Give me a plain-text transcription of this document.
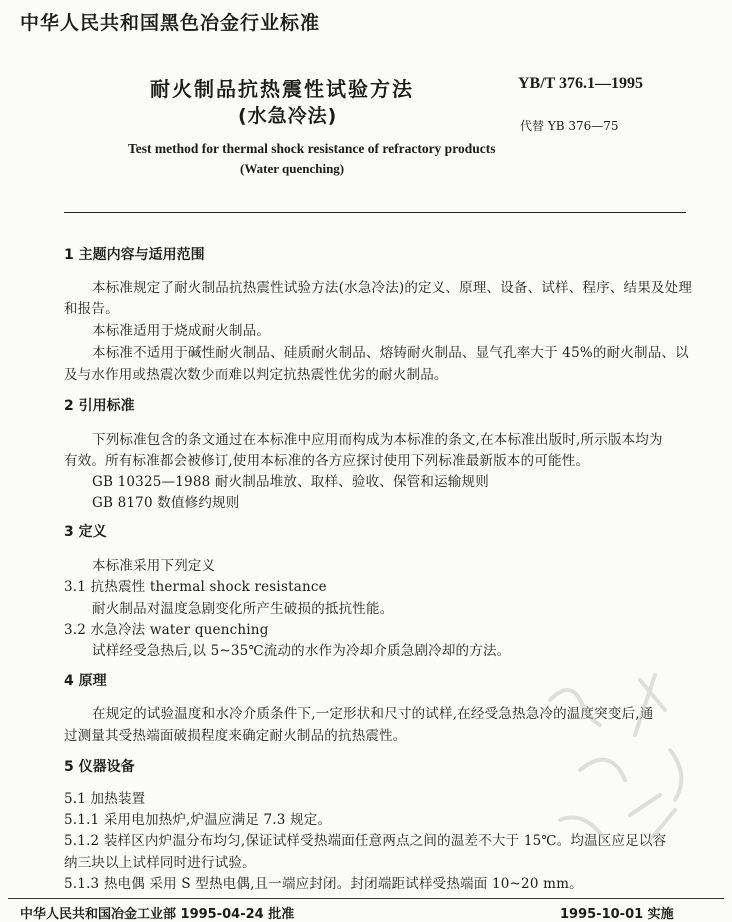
中华人民共和国黑色冶金行业标准
耐火制品抗热震性试验方法
(水急冷法)
YB/T 376.1—1995
代替 YB 376—75
Test method for thermal shock resistance of refractory products
(Water quenching)
1 主题内容与适用范围
本标准规定了耐火制品抗热震性试验方法(水急冷法)的定义、原理、设备、试样、程序、结果及处理
和报告。
本标准适用于烧成耐火制品。
本标准不适用于碱性耐火制品、硅质耐火制品、熔铸耐火制品、显气孔率大于 45%的耐火制品、以
及与水作用或热震次数少而难以判定抗热震性优劣的耐火制品。
2 引用标准
下列标准包含的条文通过在本标准中应用而构成为本标准的条文,在本标准出版时,所示版本均为
有效。所有标准都会被修订,使用本标准的各方应探讨使用下列标准最新版本的可能性。
GB 10325—1988 耐火制品堆放、取样、验收、保管和运输规则
GB 8170 数值修约规则
3 定义
本标准采用下列定义
3.1 抗热震性 thermal shock resistance
耐火制品对温度急剧变化所产生破损的抵抗性能。
3.2 水急冷法 water quenching
试样经受急热后,以 5~35℃流动的水作为冷却介质急剧冷却的方法。
4 原理
在规定的试验温度和水冷介质条件下,一定形状和尺寸的试样,在经受急热急冷的温度突变后,通
过测量其受热端面破损程度来确定耐火制品的抗热震性。
5 仪器设备
5.1 加热装置
5.1.1 采用电加热炉,炉温应满足 7.3 规定。
5.1.2 装样区内炉温分布均匀,保证试样受热端面任意两点之间的温差不大于 15℃。均温区应足以容
纳三块以上试样同时进行试验。
5.1.3 热电偶 采用 S 型热电偶,且一端应封闭。封闭端距试样受热端面 10~20 mm。
中华人民共和国冶金工业部 1995-04-24 批准	1995-10-01 实施
